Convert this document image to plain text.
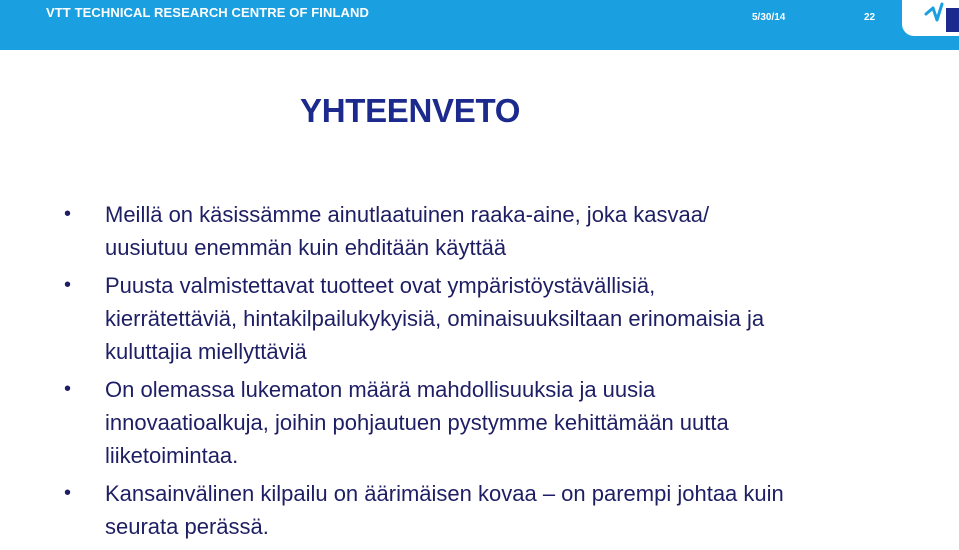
VTT TECHNICAL RESEARCH CENTRE OF FINLAND	5/30/14	22
YHTEENVETO
• Meillä on käsissämme ainutlaatuinen raaka-aine, joka kasvaa/
uusiutuu enemmän kuin ehditään käyttää
• Puusta valmistettavat tuotteet ovat ympäristöystävällisiä,
kierrätettäviä, hintakilpailukykyisiä, ominaisuuksiltaan erinomaisia ja
kuluttajia miellyttäviä
• On olemassa lukematon määrä mahdollisuuksia ja uusia
innovaatioalkuja, joihin pohjautuen pystymme kehittämään uutta
liiketoimintaa.
• Kansainvälinen kilpailu on äärimäisen kovaa – on parempi johtaa kuin
seurata perässä.
